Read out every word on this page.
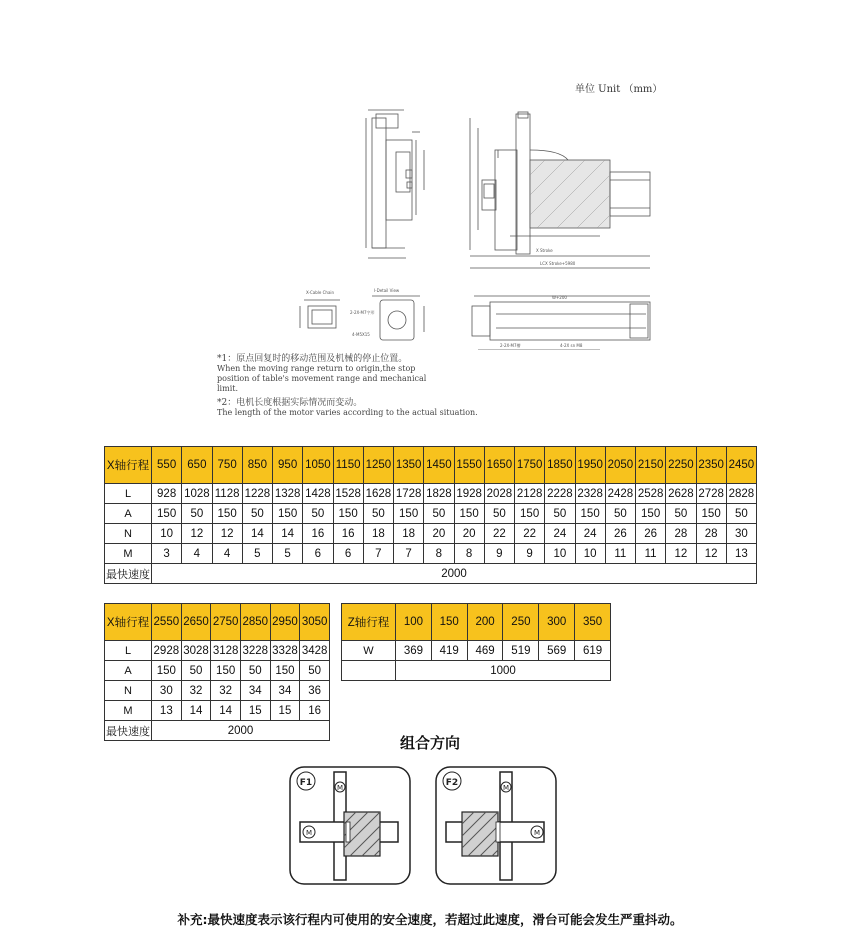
单位 Unit （mm）
X-Cable Chain	I-Detail View
X Stroke
LCX Stroke+5980
2-2X-M7字形
2-2X-M7槽
4-M5X15
4-2X sn M8
W+200
*1：原点回复时的移动范围及机械的停止位置。
When the moving range return to origin,the stop
position of table's movement range and mechanical
limit.
*2：电机长度根据实际情况而变动。
The length of the motor varies according to the actual situation.
X轴行程	550	650	750	850	950	1050	1150	1250	1350	1450	1550	1650	1750	1850	1950	2050	2150	2250	2350	2450
L	928	1028	1128	1228	1328	1428	1528	1628	1728	1828	1928	2028	2128	2228	2328	2428	2528	2628	2728	2828
A	150	50	150	50	150	50	150	50	150	50	150	50	150	50	150	50	150	50	150	50
N	10	12	12	14	14	16	16	18	18	20	20	22	22	24	24	26	26	28	28	30
M	3	4	4	5	5	6	6	7	7	8	8	9	9	10	10	11	11	12	12	13
最快速度	2000																			
X轴行程	2550	2650	2750	2850	2950	3050
L	2928	3028	3128	3228	3328	3428
A	150	50	150	50	150	50
N	30	32	32	34	34	36
M	13	14	14	15	15	16
最快速度	2000					
Z轴行程	100	150	200	250	300	350
W	369	419	469	519	569	619
	1000					
组合方向
F1	M
M
F2	M
M
补充:最快速度表示该行程内可使用的安全速度，若超过此速度，滑台可能会发生严重抖动。
